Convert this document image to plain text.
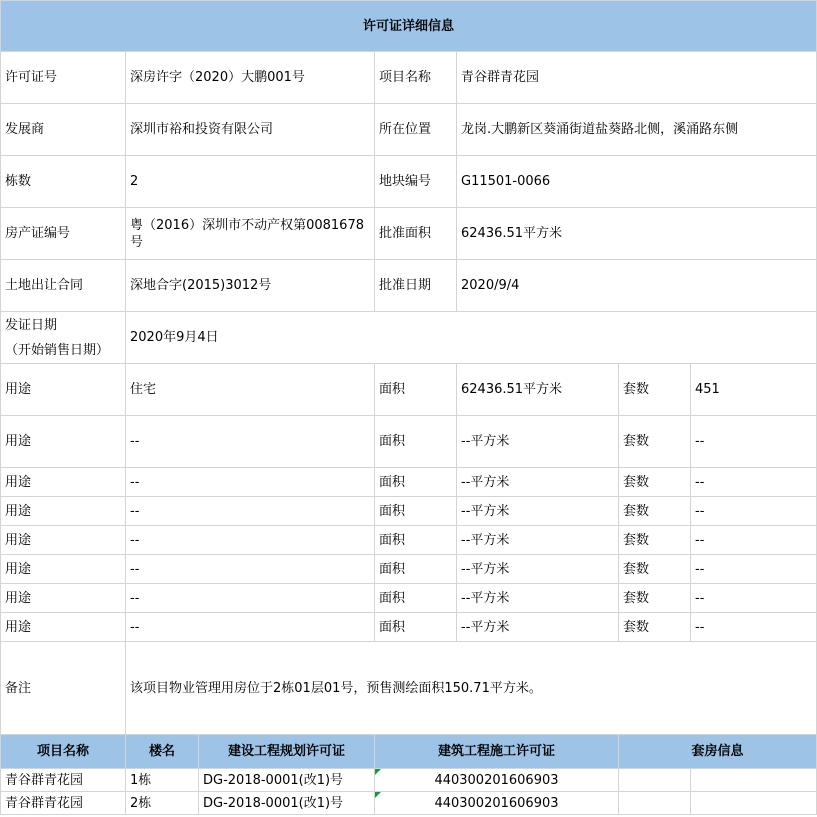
许可证详细信息						
许可证号	深房许字（2020）大鹏001号		项目名称	青谷群青花园		
发展商	深圳市裕和投资有限公司		所在位置	龙岗.大鹏新区葵涌街道盐葵路北侧，溪涌路东侧		
栋数	2		地块编号	G11501-0066		
房产证编号	粤（2016）深圳市不动产权第0081678号		批准面积	62436.51平方米		
土地出让合同	深地合字(2015)3012号		批准日期	2020/9/4		

发证日期
（开始销售日期）	2020年9月4日					
用途	住宅		面积	62436.51平方米	套数	451
用途	--		面积	--平方米	套数	--
用途	--		面积	--平方米	套数	--
用途	--		面积	--平方米	套数	--
用途	--		面积	--平方米	套数	--
用途	--		面积	--平方米	套数	--
用途	--		面积	--平方米	套数	--
用途	--		面积	--平方米	套数	--
备注	该项目物业管理用房位于2栋01层01号，预售测绘面积150.71平方米。					
项目名称	楼名	建设工程规划许可证	建筑工程施工许可证		套房信息	
青谷群青花园	1栋	DG-2018-0001(改1)号	440300201606903			
青谷群青花园	2栋	DG-2018-0001(改1)号	440300201606903			
